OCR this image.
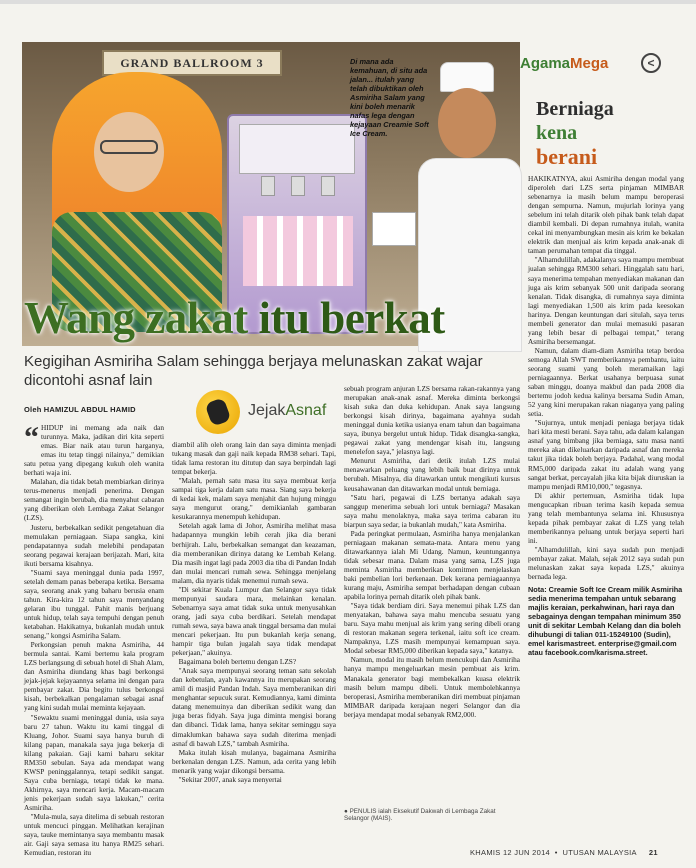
GRAND BALLROOM 3	Di mana ada kemahuan, di situ ada jalan... itulah yang telah dibuktikan oleh Asmiriha Salam yang kini boleh menarik nafas lega dengan kejayaan Creamie Soft Ice Cream.
AgamaMega	<
Wang zakat itu berkat
Kegigihan Asmiriha Salam sehingga berjaya melunaskan zakat wajar dicontohi asnaf lain
Oleh HAMIZUL ABDUL HAMID

“ HIDUP ini memang ada naik dan turunnya. Maka, jadikan diri kita seperti emas. Biar naik atau turun harganya, emas itu tetap tinggi nilainya," demikian satu petua yang dipegang kukuh oleh wanita berhati waja ini.

Malahan, dia tidak betah membiarkan dirinya terus-menerus menjadi penerima. Dengan semangat ingin berubah, dia menyahut cabaran yang diberikan oleh Lembaga Zakat Selangor (LZS).

Justeru, berbekalkan sedikit pengetahuan dia memulakan perniagaan. Siapa sangka, kini pendapatannya sudah melebihi pendapatan seorang pegawai kerajaan berijazah. Mari, kita ikuti bersama kisahnya.

"Suami saya meninggal dunia pada 1997, setelah demam panas beberapa ketika. Bersama saya, seorang anak yang baharu berusia enam tahun. Kira-kira 12 tahun saya menyandang gelaran ibu tunggal. Pahit manis berjuang untuk hidup, telah saya tempuhi dengan penuh ketabahan. Hakikatnya, bukanlah mudah untuk senang," kongsi Asmiriha Salam.

Perkongsian penuh makna Asmiriha, 44 bermula santai. Kami bertemu kala program LZS berlangsung di sebuah hotel di Shah Alam, dan Asmiriha diundang khas bagi berkongsi jejak-jejak kejayaannya selama ini dengan para pembayar zakat. Dia begitu tulus berkongsi kisah, berbekalkan pengalaman sebagai asnaf yang kini sudah mulai meminta kejayaan.

"Sewaktu suami meninggal dunia, usia saya baru 27 tahun. Waktu itu kami tinggal di Kluang, Johor. Suami saya hanya buruh di kilang papan, manakala saya juga bekerja di kilang pakaian. Gaji kami baharu sekitar RM350 sebulan. Saya ada mendapat wang KWSP peninggalannya, tetapi sedikit sangat. Saya cuba berniaga, tetapi tidak ke mana. Akhirnya, saya mencari kerja. Macam-macam jenis pekerjaan sudah saya lakukan," cerita Asmiriha.

"Mula-mula, saya ditelima di sebuah restoran untuk mencuci pinggan. Melihatkan kerajinan saya, tauke memintanya saya membantu masak air. Gaji saya semasa itu hanya RM25 sehari. Kemudian, restoran itu

JejakAsnaf

diambil alih oleh orang lain dan saya diminta menjadi tukang masak dan gaji naik kepada RM38 sehari. Tapi, tidak lama restoran itu ditutup dan saya berpindah lagi tempat bekerja.

"Malah, pernah satu masa itu saya membuat kerja sampai tiga kerja dalam satu masa. Siang saya bekerja di kedai kek, malam saya menjahit dan hujung minggu saya mengurut orang," demikianlah gambaran kesukarannya menempuh kehidupan.

Setelah agak lama di Johor, Asmiriha melihat masa hadapannya mungkin lebih cerah jika dia berani berhijrah. Lalu, berbekalkan semangat dan keazaman, dia memberanikan dirinya datang ke Lembah Kelang. Dia masih ingat lagi pada 2003 dia tiba di Pandan Indah dan mulai mencari rumah sewa. Sehingga menjelang malam, dia nyaris tidak menemui rumah sewa.

"Di sekitar Kuala Lumpur dan Selangor saya tidak mempunyai saudara mara, melainkan kenalan. Sebenarnya saya amat tidak suka untuk menyusahkan orang, jadi saya cuba berdikari. Setelah mendapat rumah sewa, saya bawa anak tinggal bersama dan mulai mencari pekerjaan. Itu pun bukanlah kerja senang, hampir tiga bulan jugalah saya tidak mendapat pekerjaan," akuinya.

Bagaimana boleh bertemu dengan LZS?

"Anak saya mempunyai seorang teman satu sekolah dan kebetulan, ayah kawannya itu merupakan seorang amil di masjid Pandan Indah. Saya memberanikan diri menghantar sepucuk surat. Kemudiannya, kami diminta datang menemuinya dan diberikan sedikit wang dan juga beras fidyah. Saya juga diminta mengisi borang dan dibanci. Tidak lama, hanya sekitar seminggu saya dimaklumkan bahawa saya sudah diterima menjadi asnaf di bawah LZS," tambah Asmiriha.

Maka itulah kisah mulanya, bagaimana Asmiriha berkenalan dengan LZS. Namun, ada cerita yang lebih menarik yang wajar dikongsi bersama.

"Sekitar 2007, anak saya menyertai

sebuah program anjuran LZS bersama rakan-rakannya yang merupakan anak-anak asnaf. Mereka diminta berkongsi kisah suka dan duka kehidupan. Anak saya langsung berkongsi kisah dirinya, bagaimana ayahnya sudah meninggal dunia ketika usianya enam tahun dan bagaimana saya, ibunya bergelut untuk hidup. Tidak disangka-sangka, pegawai zakat yang mendengar kisah itu, langsung menelefon saya," jelasnya lagi.

Menurut Asmiriha, dari detik itulah LZS mulai menawarkan peluang yang lebih baik buat dirinya untuk berubah. Misalnya, dia ditawarkan untuk mengikuti kursus keusahawanan dan ditawarkan modal untuk berniaga.

"Satu hari, pegawai di LZS bertanya adakah saya sanggup menerima sebuah lori untuk berniaga? Masakan saya mahu menolaknya, maka saya terima cabaran itu biarpun saya sedar, ia bukanlah mudah," kata Asmiriha.

Pada peringkat permulaan, Asmiriha hanya menjalankan perniagaan makanan semata-mata. Antara menu yang ditawarkannya ialah Mi Udang. Namun, keuntungannya tidak sebesar mana. Dalam masa yang sama, LZS juga meminta Asmiriha memberikan komitmen menjelaskan baki pembelian lori berkenaan. Dek kerana perniagaannya kurang maju, Asmiriha sempat berhadapan dengan cubaan apabila lorinya pernah ditarik oleh pihak bank.

"Saya tidak berdiam diri. Saya menemui pihak LZS dan menyatakan, bahawa saya mahu mencuba sesuatu yang baru. Saya mahu menjual ais krim yang sering dibeli orang di restoran makanan segera terkenal, iaitu soft ice cream. Nampaknya, LZS masih mempunyai kemampuan saya. Modal sebesar RM5,000 diberikan kepada saya," katanya.

Namun, modal itu masih belum mencukupi dan Asmiriha hanya mampu mengeluarkan mesin pembuat ais krim. Manakala generator bagi membekalkan kuasa elektrik masih belum mampu dibeli. Untuk membolehkannya beroperasi, Asmiriha memberanikan diri membuat pinjaman MIMBAR daripada kerajaan negeri Selangor dan dia berjaya mendapat modal sebanyak RM2,000.

● PENULIS ialah Eksekutif Dakwah di Lembaga Zakat Selangor (MAIS).
Berniaga
kena
berani

HAKIKATNYA, akui Asmiriha dengan modal yang diperoleh dari LZS serta pinjaman MIMBAR sebenarnya ia masih belum mampu beroperasi dengan sempurna. Namun, mujurlah lorinya yang sebelum ini telah ditarik oleh pihak bank telah dapat diambil kembali. Di depan rumahnya itulah, wanita cekal ini menyambungkan mesin ais krim ke bekalan elektrik dan menjual ais krim kepada anak-anak di taman perumahan tempat dia tinggal.

"Alhamdulillah, adakalanya saya mampu membuat jualan sehingga RM300 sehari. Hinggalah satu hari, saya menerima tempahan menyediakan makanan dan juga ais krim sebanyak 500 unit daripada seorang kenalan. Tidak disangka, di rumahnya saya diminta lagi menyediakan 1,500 ais krim pada keesokan harinya. Dengan keuntungan dari situlah, saya terus membeli generator dan mulai memasuki pasaran yang lebih besar di pelbagai tempat," terang Asmiriha bersemangat.

Namun, dalam diam-diam Asmiriha tetap berdoa semoga Allah SWT memberikannya pembantu, iaitu seorang suami yang boleh meramaikan lagi perniagaannya. Berkat usahanya berpuasa sunat saban minggu, doanya makbul dan pada 2008 dia bertemu jodoh kedua kalinya bersama Sudin Aman, 52 yang kini merupakan rakan niaganya yang paling setia.

"Sujurnya, untuk menjadi peniaga berjaya tidak hari kita mesti berani. Saya tahu, ada dalam kalangan asnaf yang bimbang jika berniaga, satu masa nanti mereka akan dikeluarkan daripada asnaf dan mereka takut jika tidak boleh berjaya. Padahal, wang modal RM5,000 daripada zakat itu adalah wang yang sangat berkat, percayalah jika kita bijak diuruskan ia mampu menjadi RM10,000," tegasnya.

Di akhir pertemuan, Asmiriha tidak lupa mengucapkan ribuan terima kasih kepada semua yang telah membantunya selama ini. Khususnya kepada pihak pembayar zakat di LZS yang telah memberikannya peluang untuk berjaya seperti hari ini.

"Alhamdulillah, kini saya sudah pun menjadi pembayar zakat. Malah, sejak 2012 saya sudah pun melunaskan zakat saya kepada LZS," akuinya bernada lega.

Nota: Creamie Soft Ice Cream milik Asmiriha sedia menerima tempahan untuk sebarang majlis keraian, perkahwinan, hari raya dan sebagainya dengan tempahan minimum 350 unit di sekitar Lembah Kelang dan dia boleh dihubungi di talian 011-15249100 (Sudin), emel karismastreet. enterprise@gmail.com atau facebook.com/karisma.street.

KHAMIS 12 JUN 2014  •  UTUSAN MALAYSIA 21
